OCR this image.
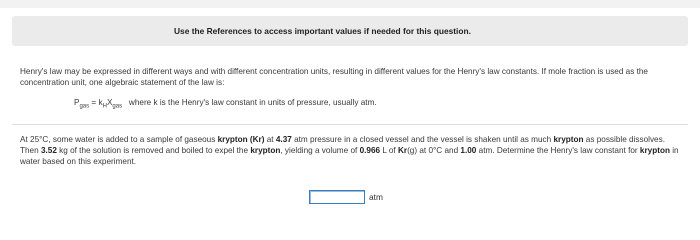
Use the References to access important values if needed for this question.
Henry's law may be expressed in different ways and with different concentration units, resulting in different values for the Henry's law constants. If mole fraction is used as the concentration unit, one algebraic statement of the law is:
$P_{gas} = k_HX_{gas}$ where k is the Henry's law constant in units of pressure, usually atm.
At 25°C, some water is added to a sample of gaseous krypton (Kr) at 4.37 atm pressure in a closed vessel and the vessel is shaken until as much krypton as possible dissolves. Then 3.52 kg of the solution is removed and boiled to expel the krypton, yielding a volume of 0.966 L of Kr(g) at 0°C and 1.00 atm. Determine the Henry's law constant for krypton in water based on this experiment.
atm
